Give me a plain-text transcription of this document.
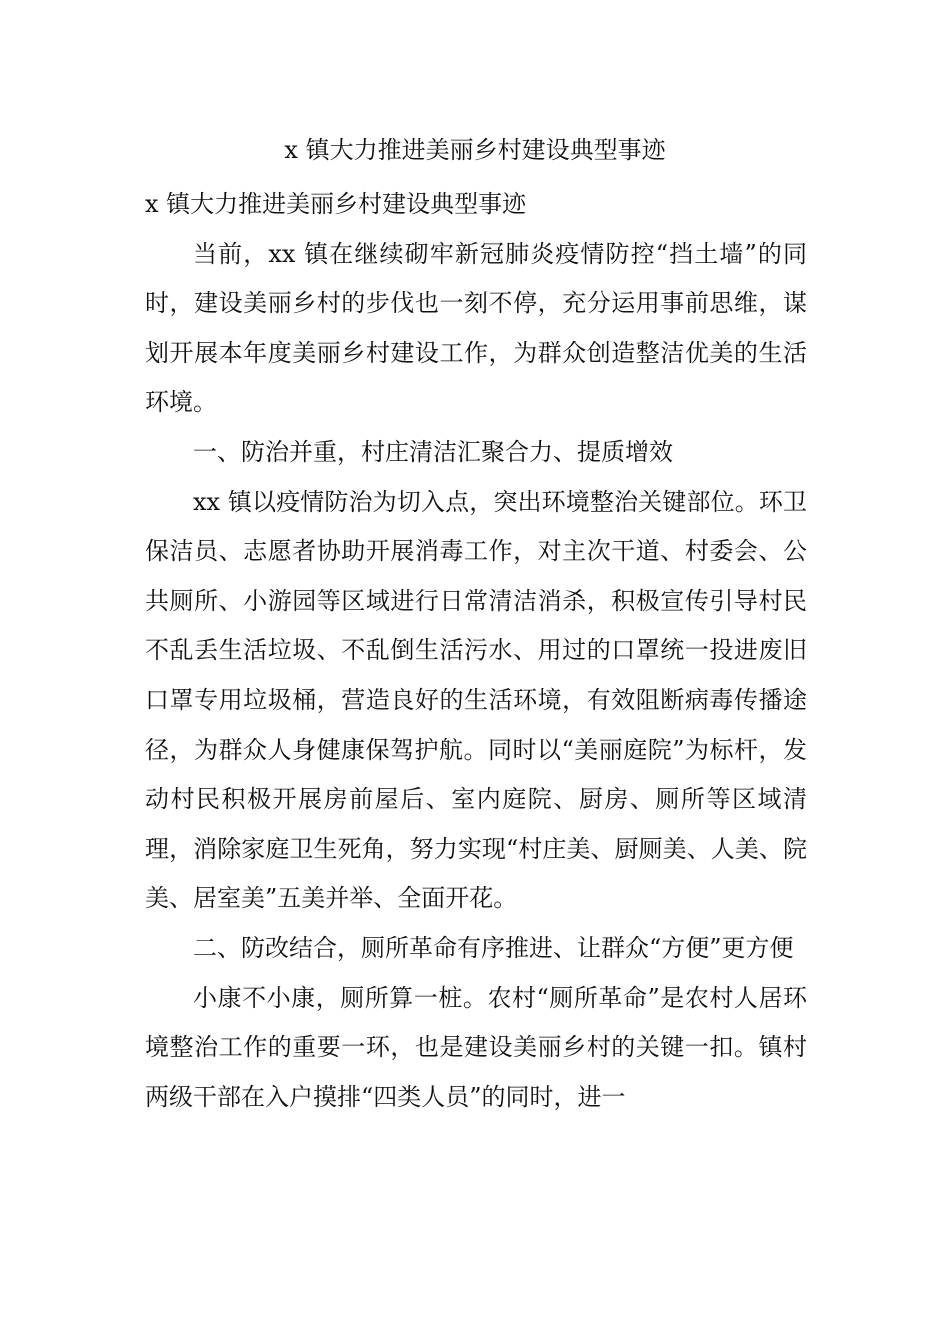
x 镇大力推进美丽乡村建设典型事迹

x 镇大力推进美丽乡村建设典型事迹

当前，xx 镇在继续砌牢新冠肺炎疫情防控“挡土墙”的同时，建设美丽乡村的步伐也一刻不停，充分运用事前思维，谋划开展本年度美丽乡村建设工作，为群众创造整洁优美的生活环境。

一、防治并重，村庄清洁汇聚合力、提质增效

xx 镇以疫情防治为切入点，突出环境整治关键部位。环卫保洁员、志愿者协助开展消毒工作，对主次干道、村委会、公共厕所、小游园等区域进行日常清洁消杀，积极宣传引导村民不乱丢生活垃圾、不乱倒生活污水、用过的口罩统一投进废旧口罩专用垃圾桶，营造良好的生活环境，有效阻断病毒传播途径，为群众人身健康保驾护航。同时以“美丽庭院”为标杆，发动村民积极开展房前屋后、室内庭院、厨房、厕所等区域清理，消除家庭卫生死角，努力实现“村庄美、厨厕美、人美、院美、居室美”五美并举、全面开花。

二、防改结合，厕所革命有序推进、让群众“方便”更方便

小康不小康，厕所算一桩。农村“厕所革命”是农村人居环境整治工作的重要一环，也是建设美丽乡村的关键一扣。镇村两级干部在入户摸排“四类人员”的同时，进一
